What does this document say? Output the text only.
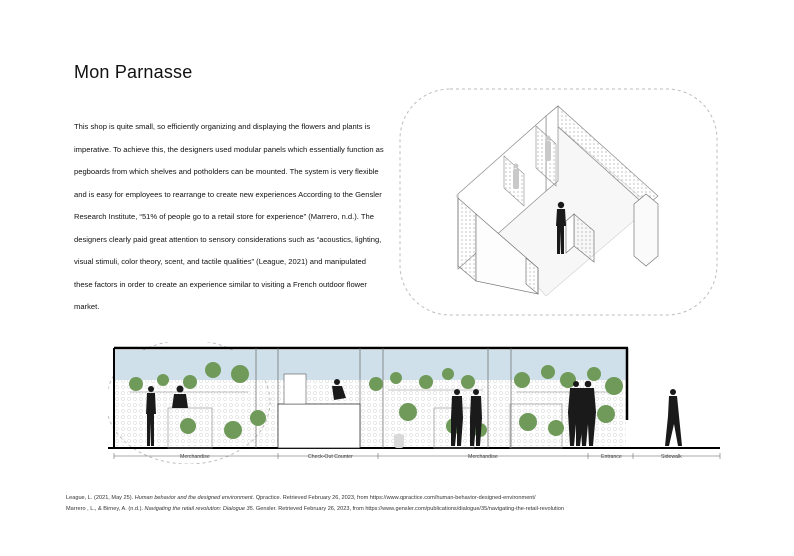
Mon Parnasse
This shop is quite small, so efficiently organizing and displaying the flowers and plants is imperative. To achieve this, the designers used modular panels which essentially function as pegboards from which shelves and potholders can be mounted. The system is very flexible and is easy for employees to rearrange to create new experiences According to the Gensler Research Institute, “51% of people go to a retail store for experience” (Marrero, n.d.). The designers clearly paid great attention to sensory considerations such as “acoustics, lighting, visual stimuli, color theory, scent, and tactile qualities” (League, 2021) and manipulated these factors in order to create an experience similar to visiting a French outdoor flower market.
Merchandise	Check-Out Counter	Merchandise	Entrance	Sidewalk

League, L. (2021, May 25). Human behavior and the designed environment. Qpractice. Retrieved February 26, 2023, from https://www.qpractice.com/human-behavior-designed-environment/

Marrero , L., & Birney, A. (n.d.). Navigating the retail revolution: Dialogue 35. Gensler. Retrieved February 26, 2023, from https://www.gensler.com/publications/dialogue/35/navigating-the-retail-revolution
